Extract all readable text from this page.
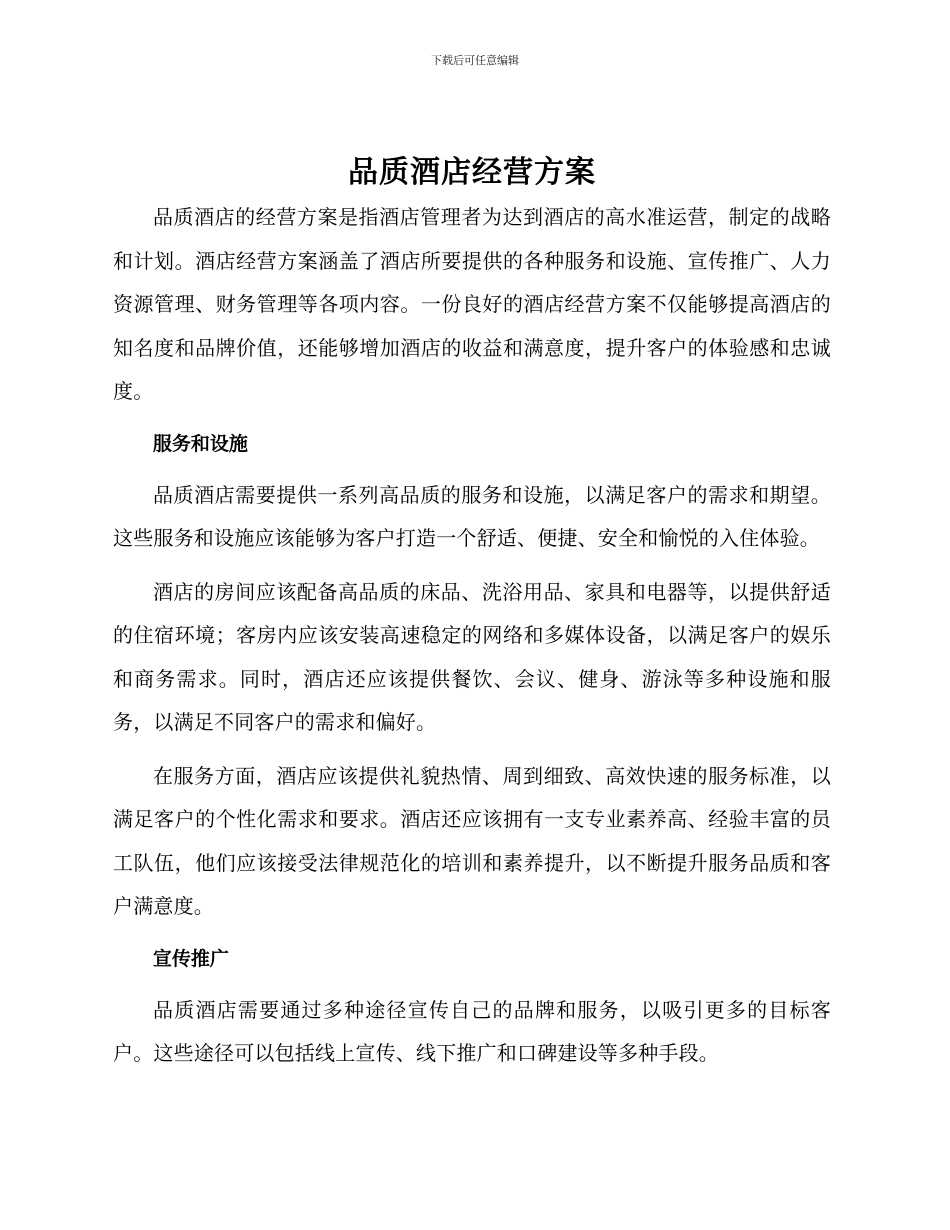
下载后可任意编辑
品质酒店经营方案

品质酒店的经营方案是指酒店管理者为达到酒店的高水准运营，制定的战略和计划。酒店经营方案涵盖了酒店所要提供的各种服务和设施、宣传推广、人力资源管理、财务管理等各项内容。一份良好的酒店经营方案不仅能够提高酒店的知名度和品牌价值，还能够增加酒店的收益和满意度，提升客户的体验感和忠诚度。

服务和设施

品质酒店需要提供一系列高品质的服务和设施，以满足客户的需求和期望。这些服务和设施应该能够为客户打造一个舒适、便捷、安全和愉悦的入住体验。

酒店的房间应该配备高品质的床品、洗浴用品、家具和电器等，以提供舒适的住宿环境；客房内应该安装高速稳定的网络和多媒体设备，以满足客户的娱乐和商务需求。同时，酒店还应该提供餐饮、会议、健身、游泳等多种设施和服务，以满足不同客户的需求和偏好。

在服务方面，酒店应该提供礼貌热情、周到细致、高效快速的服务标准，以满足客户的个性化需求和要求。酒店还应该拥有一支专业素养高、经验丰富的员工队伍，他们应该接受法律规范化的培训和素养提升，以不断提升服务品质和客户满意度。

宣传推广

品质酒店需要通过多种途径宣传自己的品牌和服务，以吸引更多的目标客户。这些途径可以包括线上宣传、线下推广和口碑建设等多种手段。
